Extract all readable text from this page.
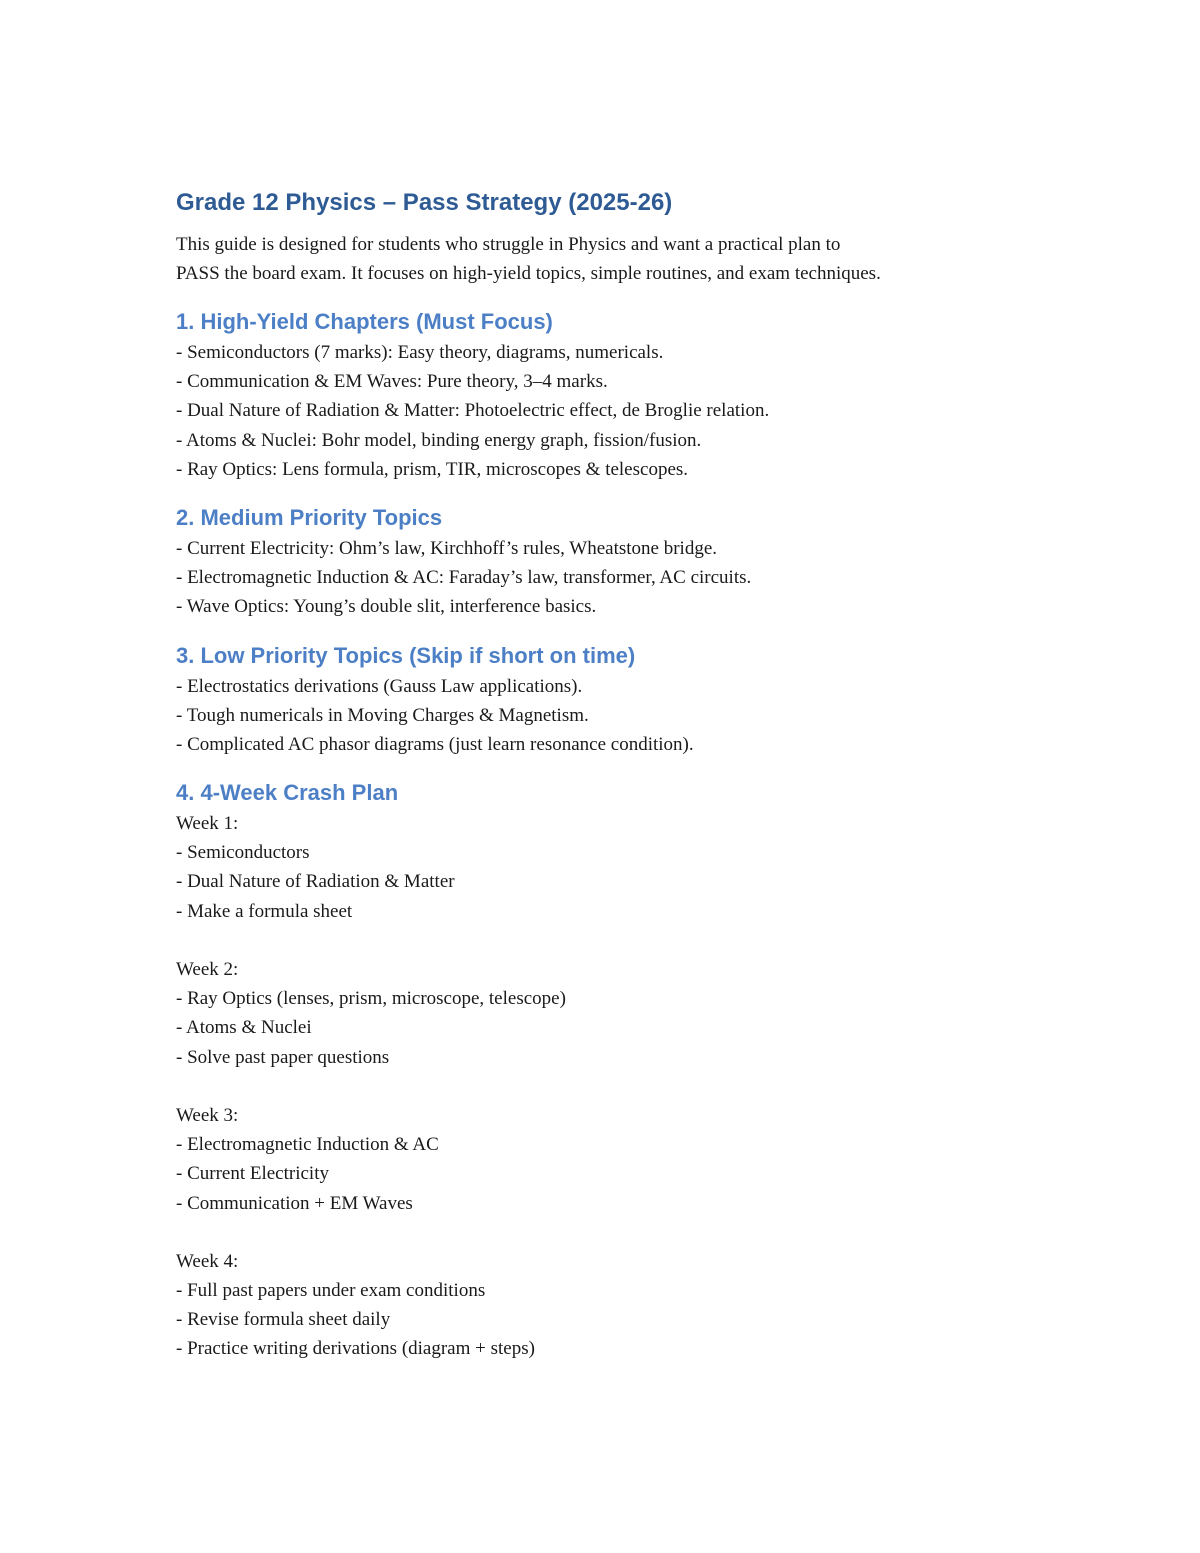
Grade 12 Physics – Pass Strategy (2025-26)
This guide is designed for students who struggle in Physics and want a practical plan to
PASS the board exam. It focuses on high-yield topics, simple routines, and exam techniques.
1. High-Yield Chapters (Must Focus)
- Semiconductors (7 marks): Easy theory, diagrams, numericals.
- Communication & EM Waves: Pure theory, 3–4 marks.
- Dual Nature of Radiation & Matter: Photoelectric effect, de Broglie relation.
- Atoms & Nuclei: Bohr model, binding energy graph, fission/fusion.
- Ray Optics: Lens formula, prism, TIR, microscopes & telescopes.
2. Medium Priority Topics
- Current Electricity: Ohm’s law, Kirchhoff’s rules, Wheatstone bridge.
- Electromagnetic Induction & AC: Faraday’s law, transformer, AC circuits.
- Wave Optics: Young’s double slit, interference basics.
3. Low Priority Topics (Skip if short on time)
- Electrostatics derivations (Gauss Law applications).
- Tough numericals in Moving Charges & Magnetism.
- Complicated AC phasor diagrams (just learn resonance condition).
4. 4-Week Crash Plan
Week 1:
- Semiconductors
- Dual Nature of Radiation & Matter
- Make a formula sheet
Week 2:
- Ray Optics (lenses, prism, microscope, telescope)
- Atoms & Nuclei
- Solve past paper questions
Week 3:
- Electromagnetic Induction & AC
- Current Electricity
- Communication + EM Waves
Week 4:
- Full past papers under exam conditions
- Revise formula sheet daily
- Practice writing derivations (diagram + steps)
